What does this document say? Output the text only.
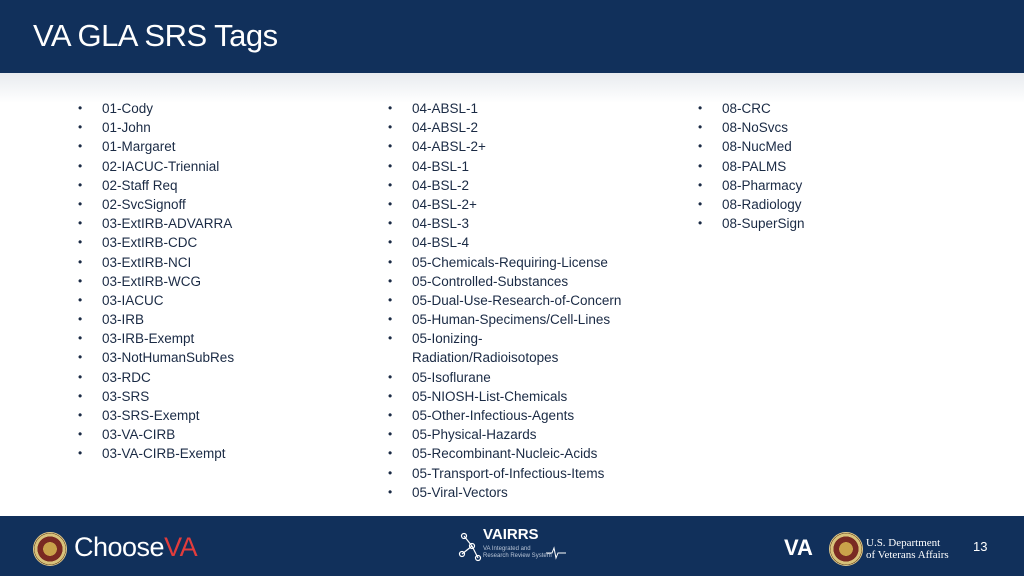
VA GLA SRS Tags
• 01-Cody
• 01-John
• 01-Margaret
• 02-IACUC-Triennial
• 02-Staff Req
• 02-SvcSignoff
• 03-ExtIRB-ADVARRA
• 03-ExtIRB-CDC
• 03-ExtIRB-NCI
• 03-ExtIRB-WCG
• 03-IACUC
• 03-IRB
• 03-IRB-Exempt
• 03-NotHumanSubRes
• 03-RDC
• 03-SRS
• 03-SRS-Exempt
• 03-VA-CIRB
• 03-VA-CIRB-Exempt
• 04-ABSL-1
• 04-ABSL-2
• 04-ABSL-2+
• 04-BSL-1
• 04-BSL-2
• 04-BSL-2+
• 04-BSL-3
• 04-BSL-4
• 05-Chemicals-Requiring-License
• 05-Controlled-Substances
• 05-Dual-Use-Research-of-Concern
• 05-Human-Specimens/Cell-Lines
• 05-Ionizing-Radiation/Radioisotopes
• 05-Isoflurane
• 05-NIOSH-List-Chemicals
• 05-Other-Infectious-Agents
• 05-Physical-Hazards
• 05-Recombinant-Nucleic-Acids
• 05-Transport-of-Infectious-Items
• 05-Viral-Vectors
• 08-CRC
• 08-NoSvcs
• 08-NucMed
• 08-PALMS
• 08-Pharmacy
• 08-Radiology
• 08-SuperSign
ChooseVA	VAIRRS
VA Integrated and Research Review System	VA	U.S. Department
of Veterans Affairs
13
